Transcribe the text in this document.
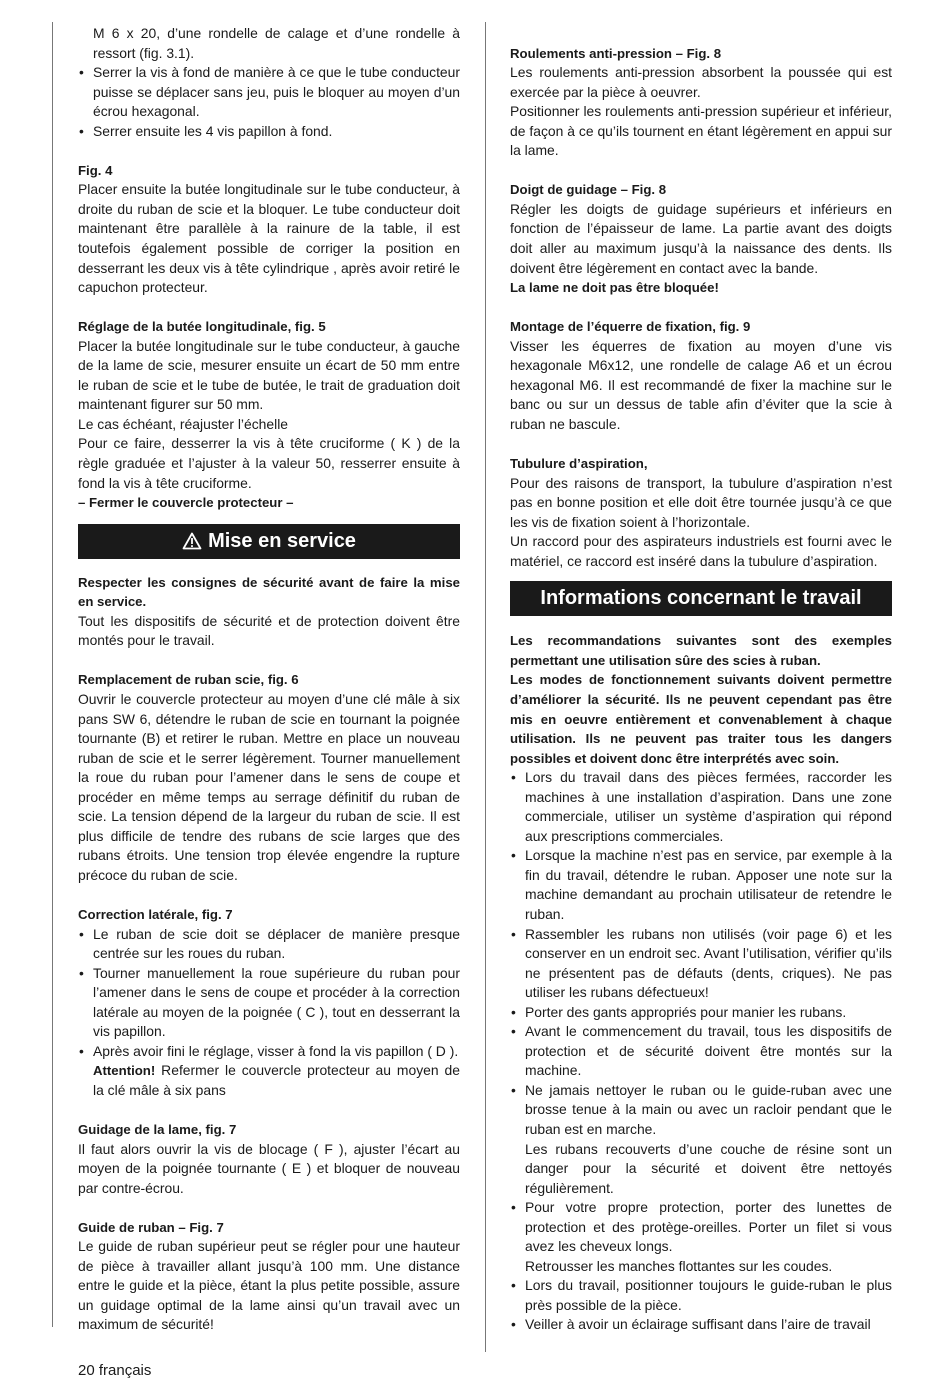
M 6 x 20, d’une rondelle de calage et d’une rondelle à ressort (fig. 3.1).

• Serrer la vis à fond de manière à ce que le tube conducteur puisse se déplacer sans jeu, puis le bloquer au moyen d’un écrou hexagonal.
• Serrer ensuite les 4 vis papillon à fond.

Fig. 4

Placer ensuite la butée longitudinale sur le tube conducteur, à droite du ruban de scie et la bloquer. Le tube conducteur doit maintenant être parallèle à la rainure de la table, il est toutefois également possible de corriger la position en desserrant les deux vis à tête cylindrique , après avoir retiré le capuchon protecteur.

Réglage de la butée longitudinale, fig. 5

Placer la butée longitudinale sur le tube conducteur, à gauche de la lame de scie, mesurer ensuite un écart de 50 mm entre le ruban de scie et le tube de butée, le trait de graduation doit maintenant figurer sur 50 mm.

Le cas échéant, réajuster l’échelle

Pour ce faire, desserrer la vis à tête cruciforme ( K ) de la règle graduée et l’ajuster à la valeur 50, resserrer ensuite à fond la vis à tête cruciforme.

– Fermer le couvercle protecteur –

Mise en service

Respecter les consignes de sécurité avant de faire la mise en service.

Tout les dispositifs de sécurité et de protection doivent être montés pour le travail.

Remplacement de ruban scie, fig. 6

Ouvrir le couvercle protecteur au moyen d’une clé mâle à six pans SW 6, détendre le ruban de scie en tournant la poignée tournante (B) et retirer le ruban. Mettre en place un nouveau ruban de scie et le serrer légèrement. Tourner manuellement la roue du ruban pour l’amener dans le sens de coupe et procéder en même temps au serrage définitif du ruban de scie. La tension dépend de la largeur du ruban de scie. Il est plus difficile de tendre des rubans de scie larges que des rubans étroits. Une tension trop élevée engendre la rupture précoce du ruban de scie.

Correction latérale, fig. 7

• Le ruban de scie doit se déplacer de manière presque centrée sur les roues du ruban.
• Tourner manuellement la roue supérieure du ruban pour l’amener dans le sens de coupe et procéder à la correction latérale au moyen de la poignée ( C ), tout en desserrant la vis papillon.
• Après avoir fini le réglage, visser à fond la vis papillon ( D ).

Attention! Refermer le couvercle protecteur au moyen de la clé mâle à six pans

Guidage de la lame, fig. 7

Il faut alors ouvrir la vis de blocage ( F ), ajuster l’écart au moyen de la poignée tournante ( E ) et bloquer de nouveau par contre-écrou.

Guide de ruban – Fig. 7

Le guide de ruban supérieur peut se régler pour une hauteur de pièce à travailler allant jusqu’à 100 mm. Une distance entre le guide et la pièce, étant la plus petite possible, assure un guidage optimal de la lame ainsi qu’un travail avec un maximum de sécurité!

Roulements anti-pression – Fig. 8

Les roulements anti-pression absorbent la poussée qui est exercée par la pièce à oeuvrer.

Positionner les roulements anti-pression supérieur et inférieur, de façon à ce qu’ils tournent en étant légèrement en appui sur la lame.

Doigt de guidage – Fig. 8

Régler les doigts de guidage supérieurs et inférieurs en fonction de l’épaisseur de lame. La partie avant des doigts doit aller au maximum jusqu’à la naissance des dents. Ils doivent être légèrement en contact avec la bande.

La lame ne doit pas être bloquée!

Montage de l’équerre de fixation, fig. 9

Visser les équerres de fixation au moyen d’une vis hexagonale M6x12, une rondelle de calage A6 et un écrou hexagonal M6. Il est recommandé de fixer la machine sur le banc ou sur un dessus de table afin d’éviter que la scie à ruban ne bascule.

Tubulure d’aspiration,

Pour des raisons de transport, la tubulure d’aspiration n’est pas en bonne position et elle doit être tournée jusqu’à ce que les vis de fixation soient à l’horizontale.

Un raccord pour des aspirateurs industriels est fourni avec le matériel, ce raccord est inséré dans la tubulure d’aspiration.

Informations concernant le travail

Les recommandations suivantes sont des exemples permettant une utilisation sûre des scies à ruban.

Les modes de fonctionnement suivants doivent permettre d’améliorer la sécurité. Ils ne peuvent cependant pas être mis en oeuvre entièrement et convenablement à chaque utilisation. Ils ne peuvent pas traiter tous les dangers possibles et doivent donc être interprétés avec soin.

• Lors du travail dans des pièces fermées, raccorder les machines à une installation d’aspiration. Dans une zone commerciale, utiliser un système d’aspiration qui répond aux prescriptions commerciales.
• Lorsque la machine n’est pas en service, par exemple à la fin du travail, détendre le ruban. Apposer une note sur la machine demandant au prochain utilisateur de retendre le ruban.
• Rassembler les rubans non utilisés (voir page 6) et les conserver en un endroit sec. Avant l’utilisation, vérifier qu’ils ne présentent pas de défauts (dents, criques). Ne pas utiliser les rubans défectueux!
• Porter des gants appropriés pour manier les rubans.
• Avant le commencement du travail, tous les dispositifs de protection et de sécurité doivent être montés sur la machine.
• Ne jamais nettoyer le ruban ou le guide-ruban avec une brosse tenue à la main ou avec un racloir pendant que le ruban est en marche.
Les rubans recouverts d’une couche de résine sont un danger pour la sécurité et doivent être nettoyés régulièrement.
• Pour votre propre protection, porter des lunettes de protection et des protège-oreilles. Porter un filet si vous avez les cheveux longs.
Retrousser les manches flottantes sur les coudes.
• Lors du travail, positionner toujours le guide-ruban le plus près possible de la pièce.
• Veiller à avoir un éclairage suffisant dans l’aire de travail
20 français
